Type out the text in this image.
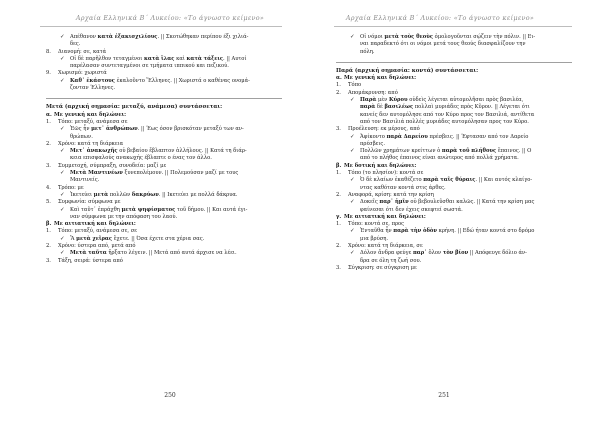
Αρχαία Ελληνικά Β΄ Λυκείου: «Το άγνωστο κείμενο»
✓ Απέθανον κατὰ ἑξακισχιλίους. || Σκοτώθηκαν περίπου έξι χιλιά-
δες.
8. Διανομή: σε, κατά
✓ Οἱ δὲ παρῆλθον τεταγμένοι κατὰ ἴλας καὶ κατὰ τάξεις. || Αυτοί
παρέλασαν συντεταγμένοι σε τμήματα ιππικού και πεζικού.
9. Χωρισμό: χωριστά
✓ Καθ᾽ ἑκάστους ἐκαλοῦντο Ἕλληνες. || Χωριστά ο καθένας ονομά-
ζονταν Έλληνες.
Μετά (αρχική σημασία: μεταξύ, ανάμεσα) συντάσσεται:
α. Με γενική και δηλώνει:
1. Τόπο: μεταξύ, ανάμεσα σε
✓ Ἐῶς ἦν μετ᾽ ἀνθρώπων. || Έως όσον βρισκόταν μεταξύ των αν-
θρώπων.
2. Χρόνο: κατά τη διάρκεια
✓ Μετ᾽ ἀνακωχῆς οὐ βεβαίου ἔβλαπτον ἀλλήλους. || Κατά τη διάρ-
κεια επισφαλούς ανακωχής έβλαπτε ο ένας τον άλλο.
3. Συμμετοχή, σύμπραξη, συνοδεία: μαζί με
✓ Μετὰ Μαντινέων ξυνεπολέμουν. || Πολεμούσαν μαζί με τους
Μαντινείς.
4. Τρόπο: με
✓ Ἱκετεύει μετὰ πολλῶν δακρύων. || Ικετεύει με πολλά δάκρυα.
5. Συμφωνία: σύμφωνα με
✓ Καὶ ταῦτ᾽ ἐπράχθη μετὰ ψηφίσματος τοῦ δήμου. || Και αυτά έγι-
ναν σύμφωνα με την απόφαση του λαού.
β. Με αιτιατική και δηλώνει:
1. Τόπο: μεταξύ, ανάμεσα σε, σε
✓ Ἂ μετὰ χεῖρας ἔχετε. || Όσα έχετε στα χέρια σας.
2. Χρόνο: ύστερα από, μετά από
✓ Μετὰ ταῦτα ἤρξατο λέγειν. || Μετά από αυτά άρχισε να λέει.
3. Τάξη, σειρά: ύστερα από
250
Αρχαία Ελληνικά Β΄ Λυκείου: «Το άγνωστο κείμενο»
✓ Οἱ νόμοι μετὰ τοὺς θεοὺς ὁμολογοῦνται σῴζειν τὴν πόλιν. || Ει-
ναι παραδεκτό ότι οι νόμοι μετά τους θεούς διασφαλίζουν την
πόλη.
Παρά (αρχική σημασία: κοντά) συντάσσεται:
α. Με γενική και δηλώνει:
1. Τόπο
2. Απομάκρυνση: από
✓ Παρὰ μὲν Κύρου οὐδεὶς λέγεται αὐτομολῆσαι πρὸς βασιλέα,
παρὰ δὲ βασιλέως πολλαὶ μυριάδες πρὸς Κῦρον. || Λέγεται ότι
κανείς δεν αυτομόλησε από τον Κύρο προς τον Βασιλιά, αντίθετα
από τον Βασιλιά πολλές μυριάδες αυτομόλησαν προς τον Κύρο.
3. Προέλευση: εκ μέρους, από
✓ Ἀφίκοντο παρὰ Δαρείου πρέσβεις. || Έφτασαν από τον Δαρείο
πρέσβεις.
✓ Πολλῶν χρημάτων κρείττων ὁ παρὰ τοῦ πλήθους ἔπαινος. || Ο
από το πλήθος έπαινος είναι ανώτερος από πολλά χρήματα.
β. Με δοτική και δηλώνει:
1. Τόπο (το πλησίον): κοντά σε
✓ Ὁ δὲ κλαίων ἐκαθέζετο παρὰ ταῖς θύραις. || Και αυτός κλαίγο-
ντας καθόταν κοντά στις άρθες.
2. Αναφορά, κρίση: κατά την κρίση
✓ Δοκεῖς παρ᾽ ἡμῖν οὐ βεβουλεῦσθαι καλῶς. || Κατά την κρίση μας
φαίνεσαι ότι δεν έχεις σκεφτεί σωστά.
γ. Με αιτιατική και δηλώνει:
1. Τόπο: κοντά σε, προς
✓ Ἐνταῦθα ἦν παρὰ τὴν ὁδὸν κρήνη. || Εδώ ήταν κοντά στο δρόμο
μια βρύση.
2. Χρόνο: κατά τη διάρκεια, σε
✓ Δόλον ἄνδρα φεύγε παρ᾽ ὅλον τὸν βίον || Απόφευγε δόλιο άν-
δρα σε όλη τη ζωή σου.
3. Σύγκριση: σε σύγκριση με
251
